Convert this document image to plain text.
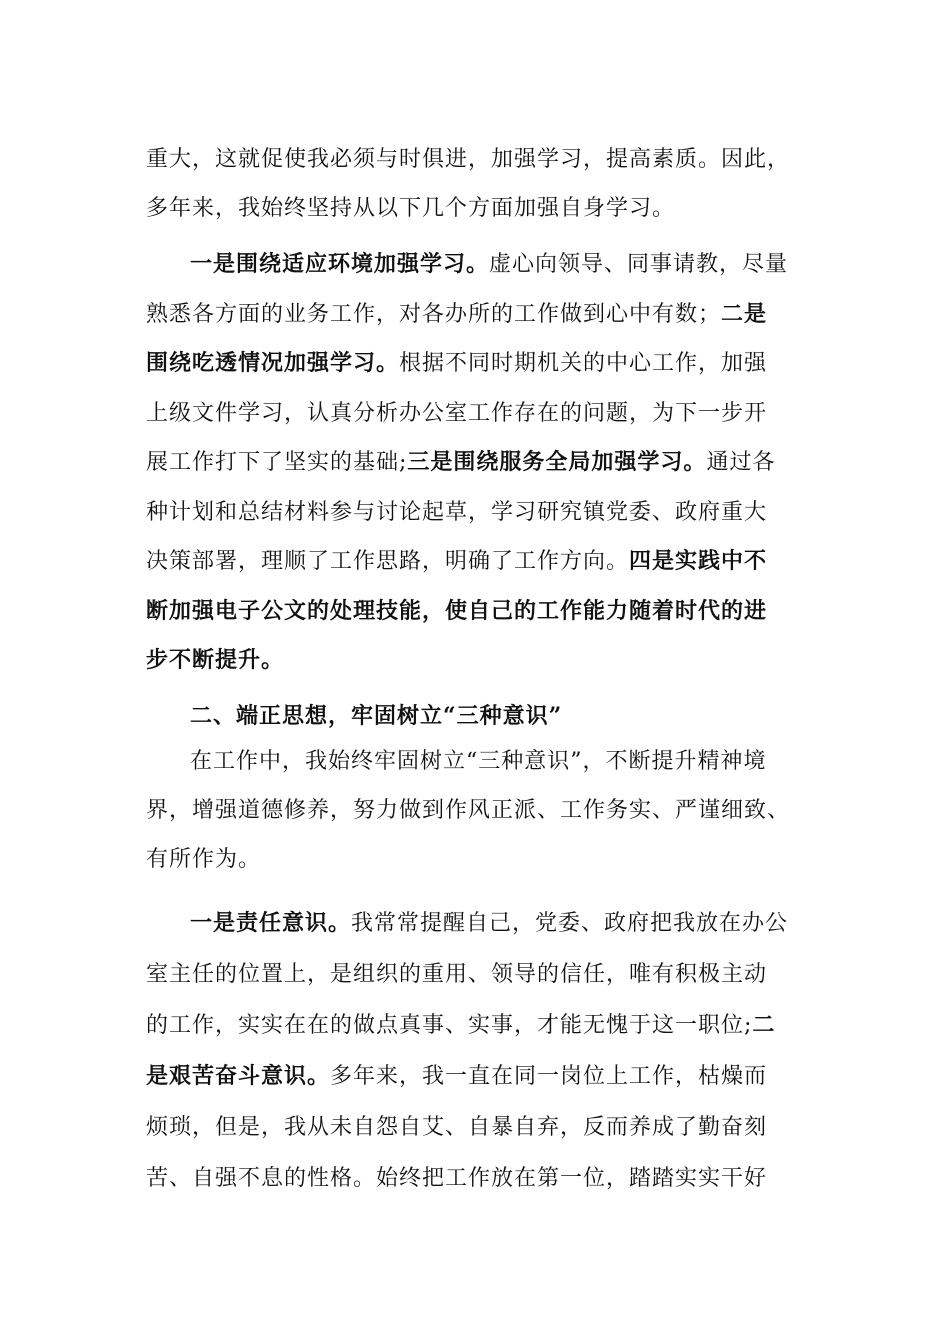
重大，这就促使我必须与时俱进，加强学习，提高素质。因此，
多年来，我始终坚持从以下几个方面加强自身学习。
一是围绕适应环境加强学习。虚心向领导、同事请教，尽量
熟悉各方面的业务工作，对各办所的工作做到心中有数；二是
围绕吃透情况加强学习。根据不同时期机关的中心工作，加强
上级文件学习，认真分析办公室工作存在的问题，为下一步开
展工作打下了坚实的基础;三是围绕服务全局加强学习。通过各
种计划和总结材料参与讨论起草，学习研究镇党委、政府重大
决策部署，理顺了工作思路，明确了工作方向。四是实践中不
断加强电子公文的处理技能，使自己的工作能力随着时代的进
步不断提升。
二、端正思想，牢固树立“三种意识”
在工作中，我始终牢固树立“三种意识”，不断提升精神境
界，增强道德修养，努力做到作风正派、工作务实、严谨细致、
有所作为。
一是责任意识。我常常提醒自己，党委、政府把我放在办公
室主任的位置上，是组织的重用、领导的信任，唯有积极主动
的工作，实实在在的做点真事、实事，才能无愧于这一职位;二
是艰苦奋斗意识。多年来，我一直在同一岗位上工作，枯燥而
烦琐，但是，我从未自怨自艾、自暴自弃，反而养成了勤奋刻
苦、自强不息的性格。始终把工作放在第一位，踏踏实实干好
